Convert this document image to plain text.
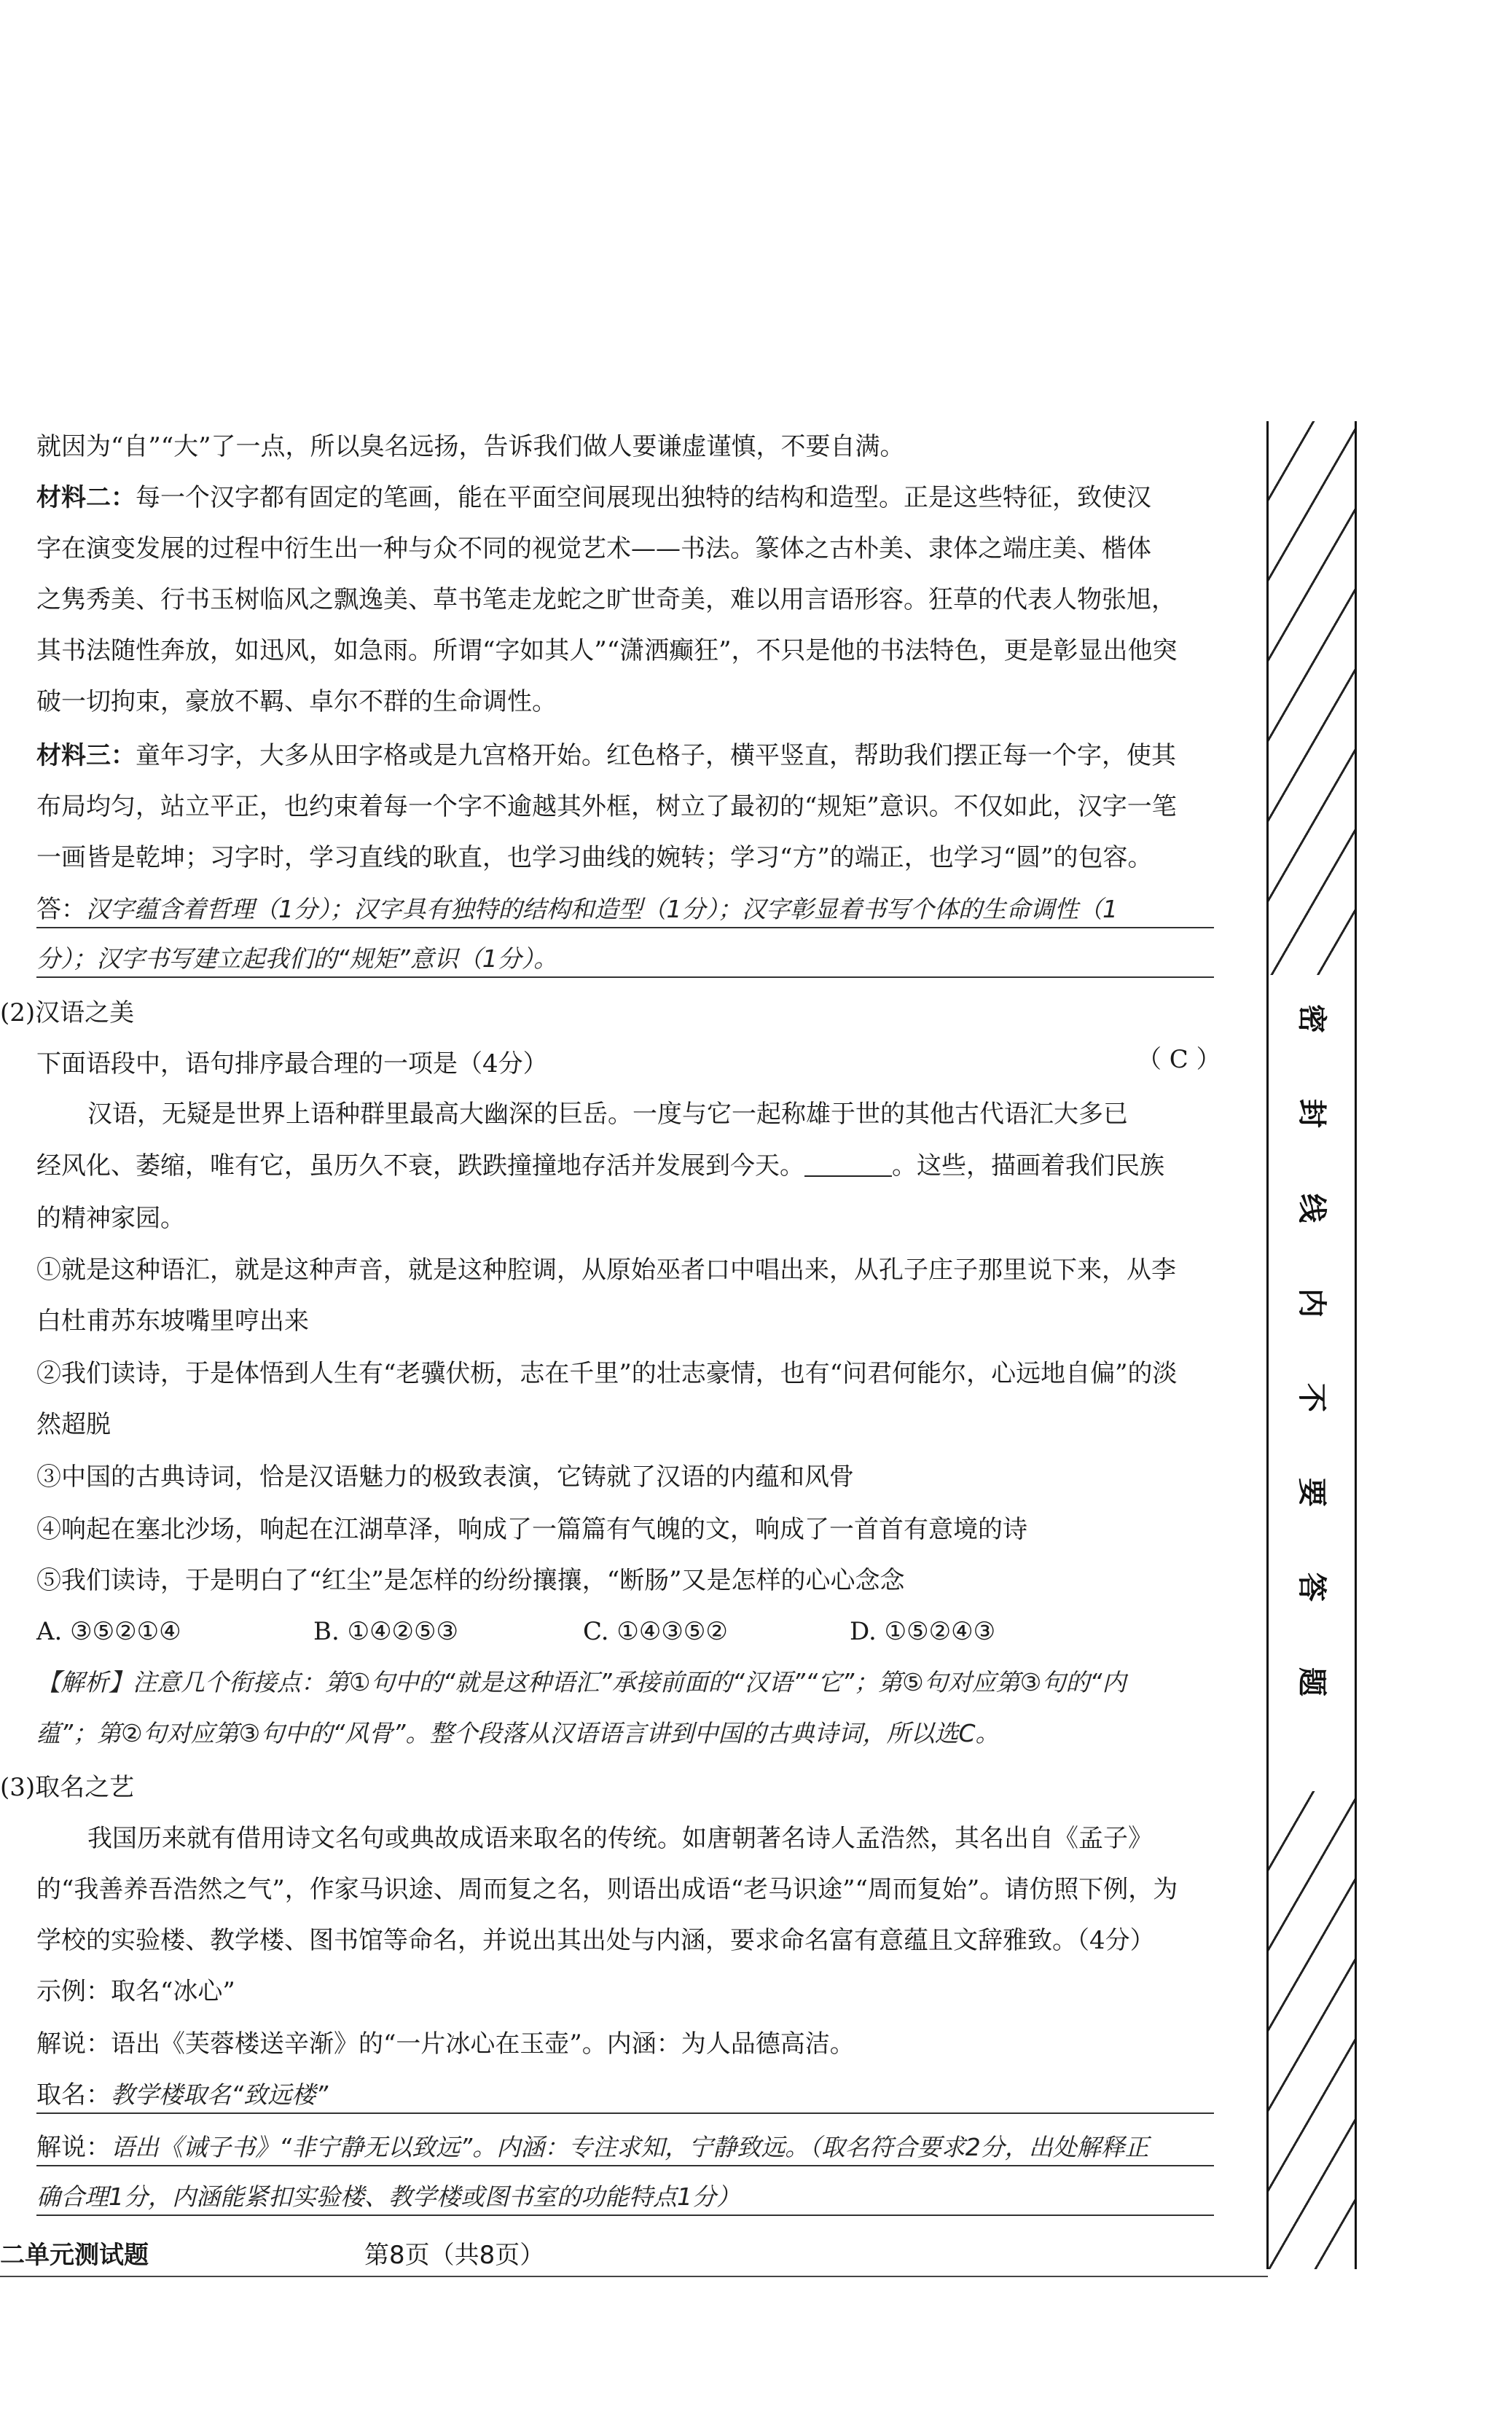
就因为“自”“大”了一点，所以臭名远扬，告诉我们做人要谦虚谨慎，不要自满。
材料二：每一个汉字都有固定的笔画，能在平面空间展现出独特的结构和造型。正是这些特征，致使汉
字在演变发展的过程中衍生出一种与众不同的视觉艺术——书法。篆体之古朴美、隶体之端庄美、楷体
之隽秀美、行书玉树临风之飘逸美、草书笔走龙蛇之旷世奇美，难以用言语形容。狂草的代表人物张旭，
其书法随性奔放，如迅风，如急雨。所谓“字如其人”“潇洒癫狂”，不只是他的书法特色，更是彰显出他突
破一切拘束，豪放不羁、卓尔不群的生命调性。
材料三：童年习字，大多从田字格或是九宫格开始。红色格子，横平竖直，帮助我们摆正每一个字，使其
布局均匀，站立平正，也约束着每一个字不逾越其外框，树立了最初的“规矩”意识。不仅如此，汉字一笔
一画皆是乾坤；习字时，学习直线的耿直，也学习曲线的婉转；学习“方”的端正，也学习“圆”的包容。
答：汉字蕴含着哲理（1分）；汉字具有独特的结构和造型（1分）；汉字彰显着书写个体的生命调性（1
分）；汉字书写建立起我们的“规矩”意识（1分）。
(2)汉语之美
下面语段中，语句排序最合理的一项是（4分）	（ C ）
汉语，无疑是世界上语种群里最高大幽深的巨岳。一度与它一起称雄于世的其他古代语汇大多已
经风化、萎缩，唯有它，虽历久不衰，跌跌撞撞地存活并发展到今天。	。这些，描画着我们民族
的精神家园。
①就是这种语汇，就是这种声音，就是这种腔调，从原始巫者口中唱出来，从孔子庄子那里说下来，从李
白杜甫苏东坡嘴里哼出来
②我们读诗，于是体悟到人生有“老骥伏枥，志在千里”的壮志豪情，也有“问君何能尔，心远地自偏”的淡
然超脱
③中国的古典诗词，恰是汉语魅力的极致表演，它铸就了汉语的内蕴和风骨
④响起在塞北沙场，响起在江湖草泽，响成了一篇篇有气魄的文，响成了一首首有意境的诗
⑤我们读诗，于是明白了“红尘”是怎样的纷纷攘攘，“断肠”又是怎样的心心念念
A. ③⑤②①④	B. ①④②⑤③	C. ①④③⑤②	D. ①⑤②④③
【解析】注意几个衔接点：第①句中的“就是这种语汇”承接前面的“汉语”“它”；第⑤句对应第③句的“内
蕴”；第②句对应第③句中的“风骨”。整个段落从汉语语言讲到中国的古典诗词，所以选C。
(3)取名之艺
我国历来就有借用诗文名句或典故成语来取名的传统。如唐朝著名诗人孟浩然，其名出自《孟子》
的“我善养吾浩然之气”，作家马识途、周而复之名，则语出成语“老马识途”“周而复始”。请仿照下例，为
学校的实验楼、教学楼、图书馆等命名，并说出其出处与内涵，要求命名富有意蕴且文辞雅致。（4分）
示例：取名“冰心”
解说：语出《芙蓉楼送辛渐》的“一片冰心在玉壶”。内涵：为人品德高洁。
取名：教学楼取名“致远楼”
解说：语出《诫子书》“非宁静无以致远”。内涵：专注求知，宁静致远。（取名符合要求2分，出处解释正
确合理1分，内涵能紧扣实验楼、教学楼或图书室的功能特点1分）
二单元测试题	第8页（共8页）
密
封
线
内
不
要
答
题
